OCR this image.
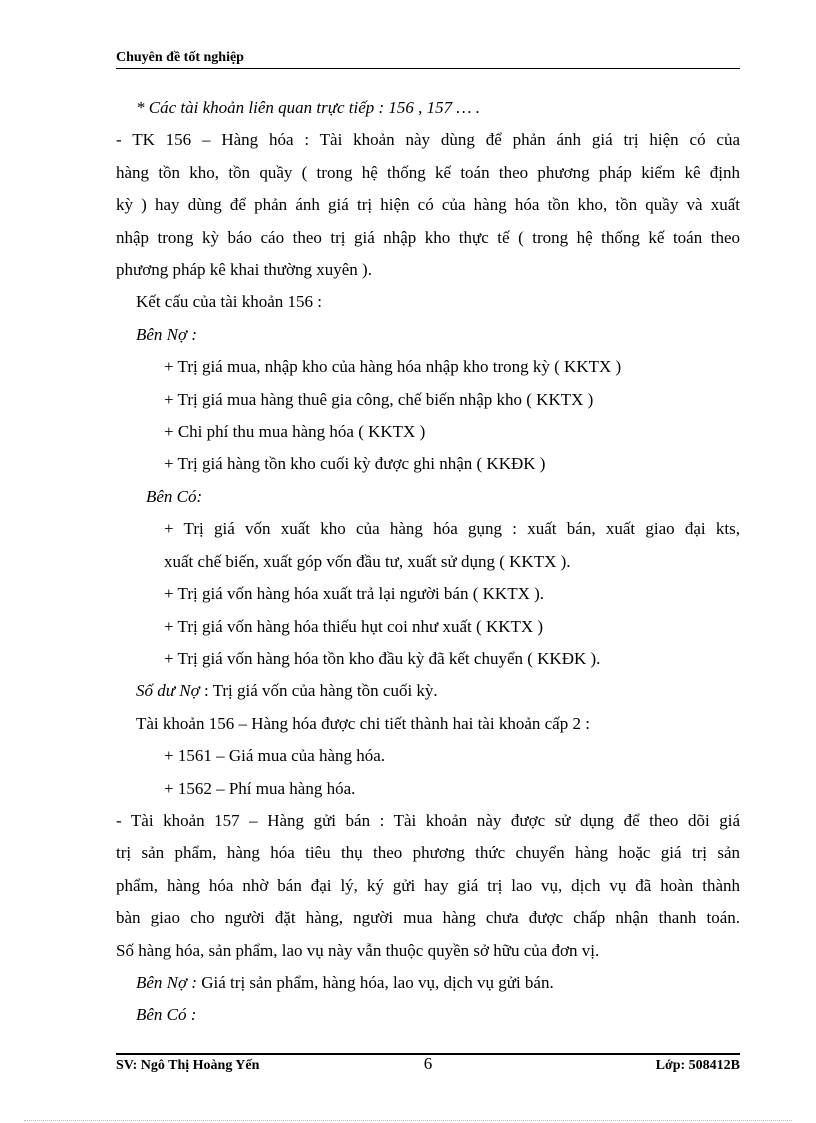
Chuyên đề tốt nghiệp

* Các tài khoản liên quan trực tiếp : 156 , 157 … .

- TK 156 – Hàng hóa : Tài khoản này dùng để phản ánh giá trị hiện có của

hàng tồn kho, tồn quầy ( trong hệ thống kế toán theo phương pháp kiểm kê định

kỳ ) hay dùng để phản ánh giá trị hiện có của hàng hóa tồn kho, tồn quầy và xuất

nhập trong kỳ báo cáo theo trị giá nhập kho thực tế ( trong hệ thống kế toán theo

phương pháp kê khai thường xuyên ).

Kết cấu của tài khoản 156 :

Bên Nợ :

+ Trị giá mua, nhập kho của hàng hóa nhập kho trong kỳ ( KKTX )

+ Trị giá mua hàng thuê gia công, chế biến nhập kho ( KKTX )

+ Chi phí thu mua hàng hóa ( KKTX )

+ Trị giá hàng tồn kho cuối kỳ được ghi nhận ( KKĐK )

Bên Có:

+ Trị giá vốn xuất kho của hàng hóa gụng : xuất bán, xuất giao đại kts,

xuất chế biến, xuất góp vốn đầu tư, xuất sử dụng ( KKTX ).

+ Trị giá vốn hàng hóa xuất trả lại người bán ( KKTX ).

+ Trị giá vốn hàng hóa thiếu hụt coi như xuất ( KKTX )

+ Trị giá vốn hàng hóa tồn kho đầu kỳ đã kết chuyển ( KKĐK ).

Số dư Nợ : Trị giá vốn của hàng tồn cuối kỳ.

Tài khoản 156 – Hàng hóa được chi tiết thành hai tài khoản cấp 2 :

+ 1561 – Giá mua của hàng hóa.

+ 1562 – Phí mua hàng hóa.

- Tài khoản 157 – Hàng gửi bán : Tài khoản này được sử dụng để theo dõi giá

trị sản phẩm, hàng hóa tiêu thụ theo phương thức chuyển hàng hoặc giá trị sản

phẩm, hàng hóa nhờ bán đại lý, ký gửi hay giá trị lao vụ, dịch vụ đã hoàn thành

bàn giao cho người đặt hàng, người mua hàng chưa được chấp nhận thanh toán.

Số hàng hóa, sản phẩm, lao vụ này vẫn thuộc quyền sở hữu của đơn vị.

Bên Nợ : Giá trị sản phẩm, hàng hóa, lao vụ, dịch vụ gửi bán.

Bên Có :

SV: Ngô Thị Hoàng Yến	6	Lớp: 508412B
